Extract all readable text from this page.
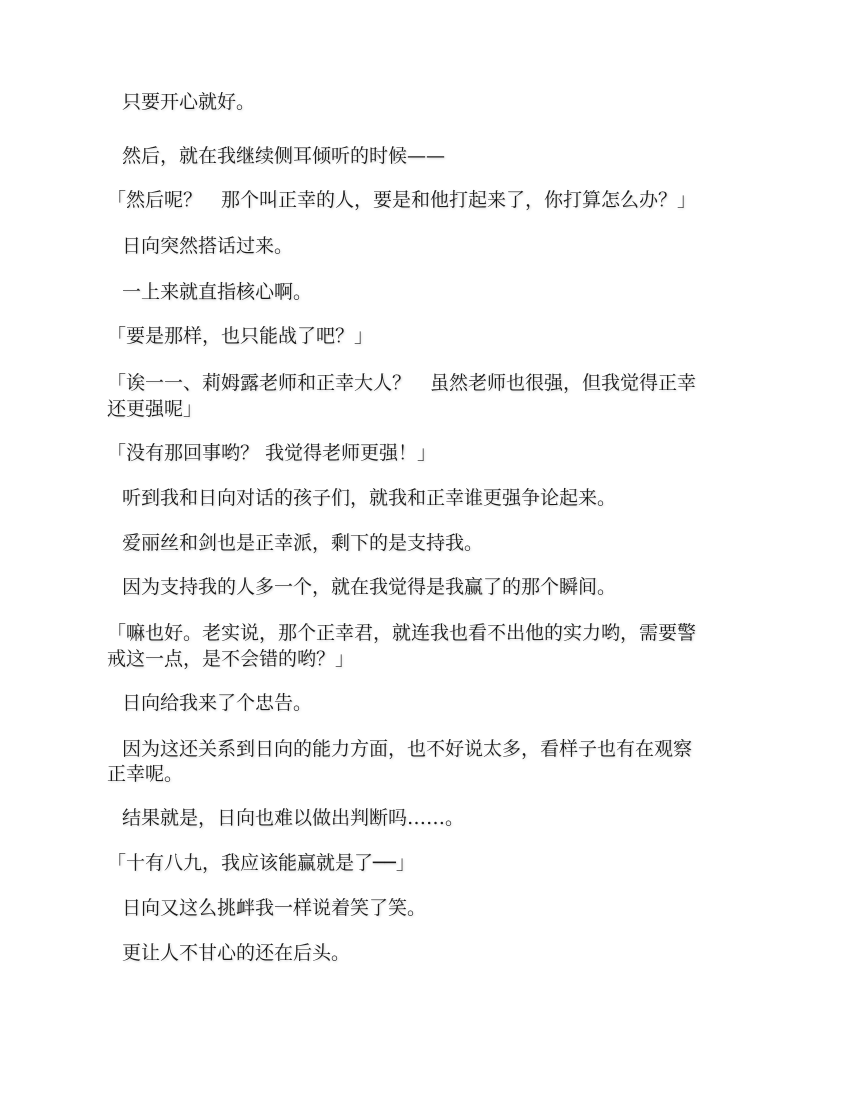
只要开心就好。

然后，就在我继续侧耳倾听的时候——

「然后呢？　那个叫正幸的人，要是和他打起来了，你打算怎么办？」

日向突然搭话过来。

一上来就直指核心啊。

「要是那样，也只能战了吧？」

「诶一一、莉姆露老师和正幸大人？　虽然老师也很强，但我觉得正幸

还更强呢」

「没有那回事哟？ 我觉得老师更强！」

听到我和日向对话的孩子们，就我和正幸谁更强争论起来。

爱丽丝和剑也是正幸派，剩下的是支持我。

因为支持我的人多一个，就在我觉得是我赢了的那个瞬间。

「嘛也好。老实说，那个正幸君，就连我也看不出他的实力哟，需要警

戒这一点，是不会错的哟？」

日向给我来了个忠告。

因为这还关系到日向的能力方面，也不好说太多，看样子也有在观察

正幸呢。

结果就是，日向也难以做出判断吗……。

「十有八九，我应该能赢就是了──」

日向又这么挑衅我一样说着笑了笑。

更让人不甘心的还在后头。
